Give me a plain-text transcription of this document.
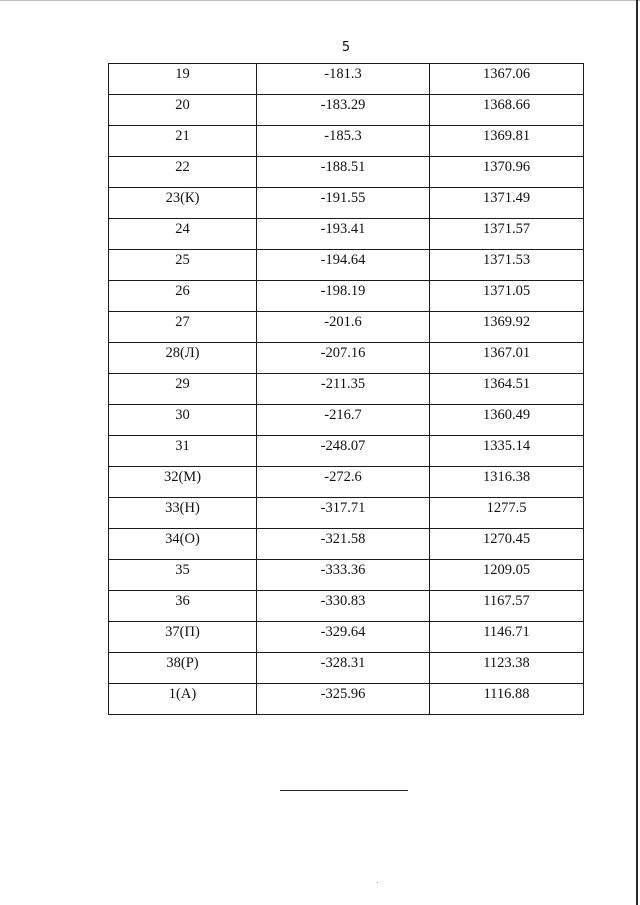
5
19	-181.3	1367.06
20	-183.29	1368.66
21	-185.3	1369.81
22	-188.51	1370.96
23(К)	-191.55	1371.49
24	-193.41	1371.57
25	-194.64	1371.53
26	-198.19	1371.05
27	-201.6	1369.92
28(Л)	-207.16	1367.01
29	-211.35	1364.51
30	-216.7	1360.49
31	-248.07	1335.14
32(М)	-272.6	1316.38
33(Н)	-317.71	1277.5
34(О)	-321.58	1270.45
35	-333.36	1209.05
36	-330.83	1167.57
37(П)	-329.64	1146.71
38(Р)	-328.31	1123.38
1(А)	-325.96	1116.88
